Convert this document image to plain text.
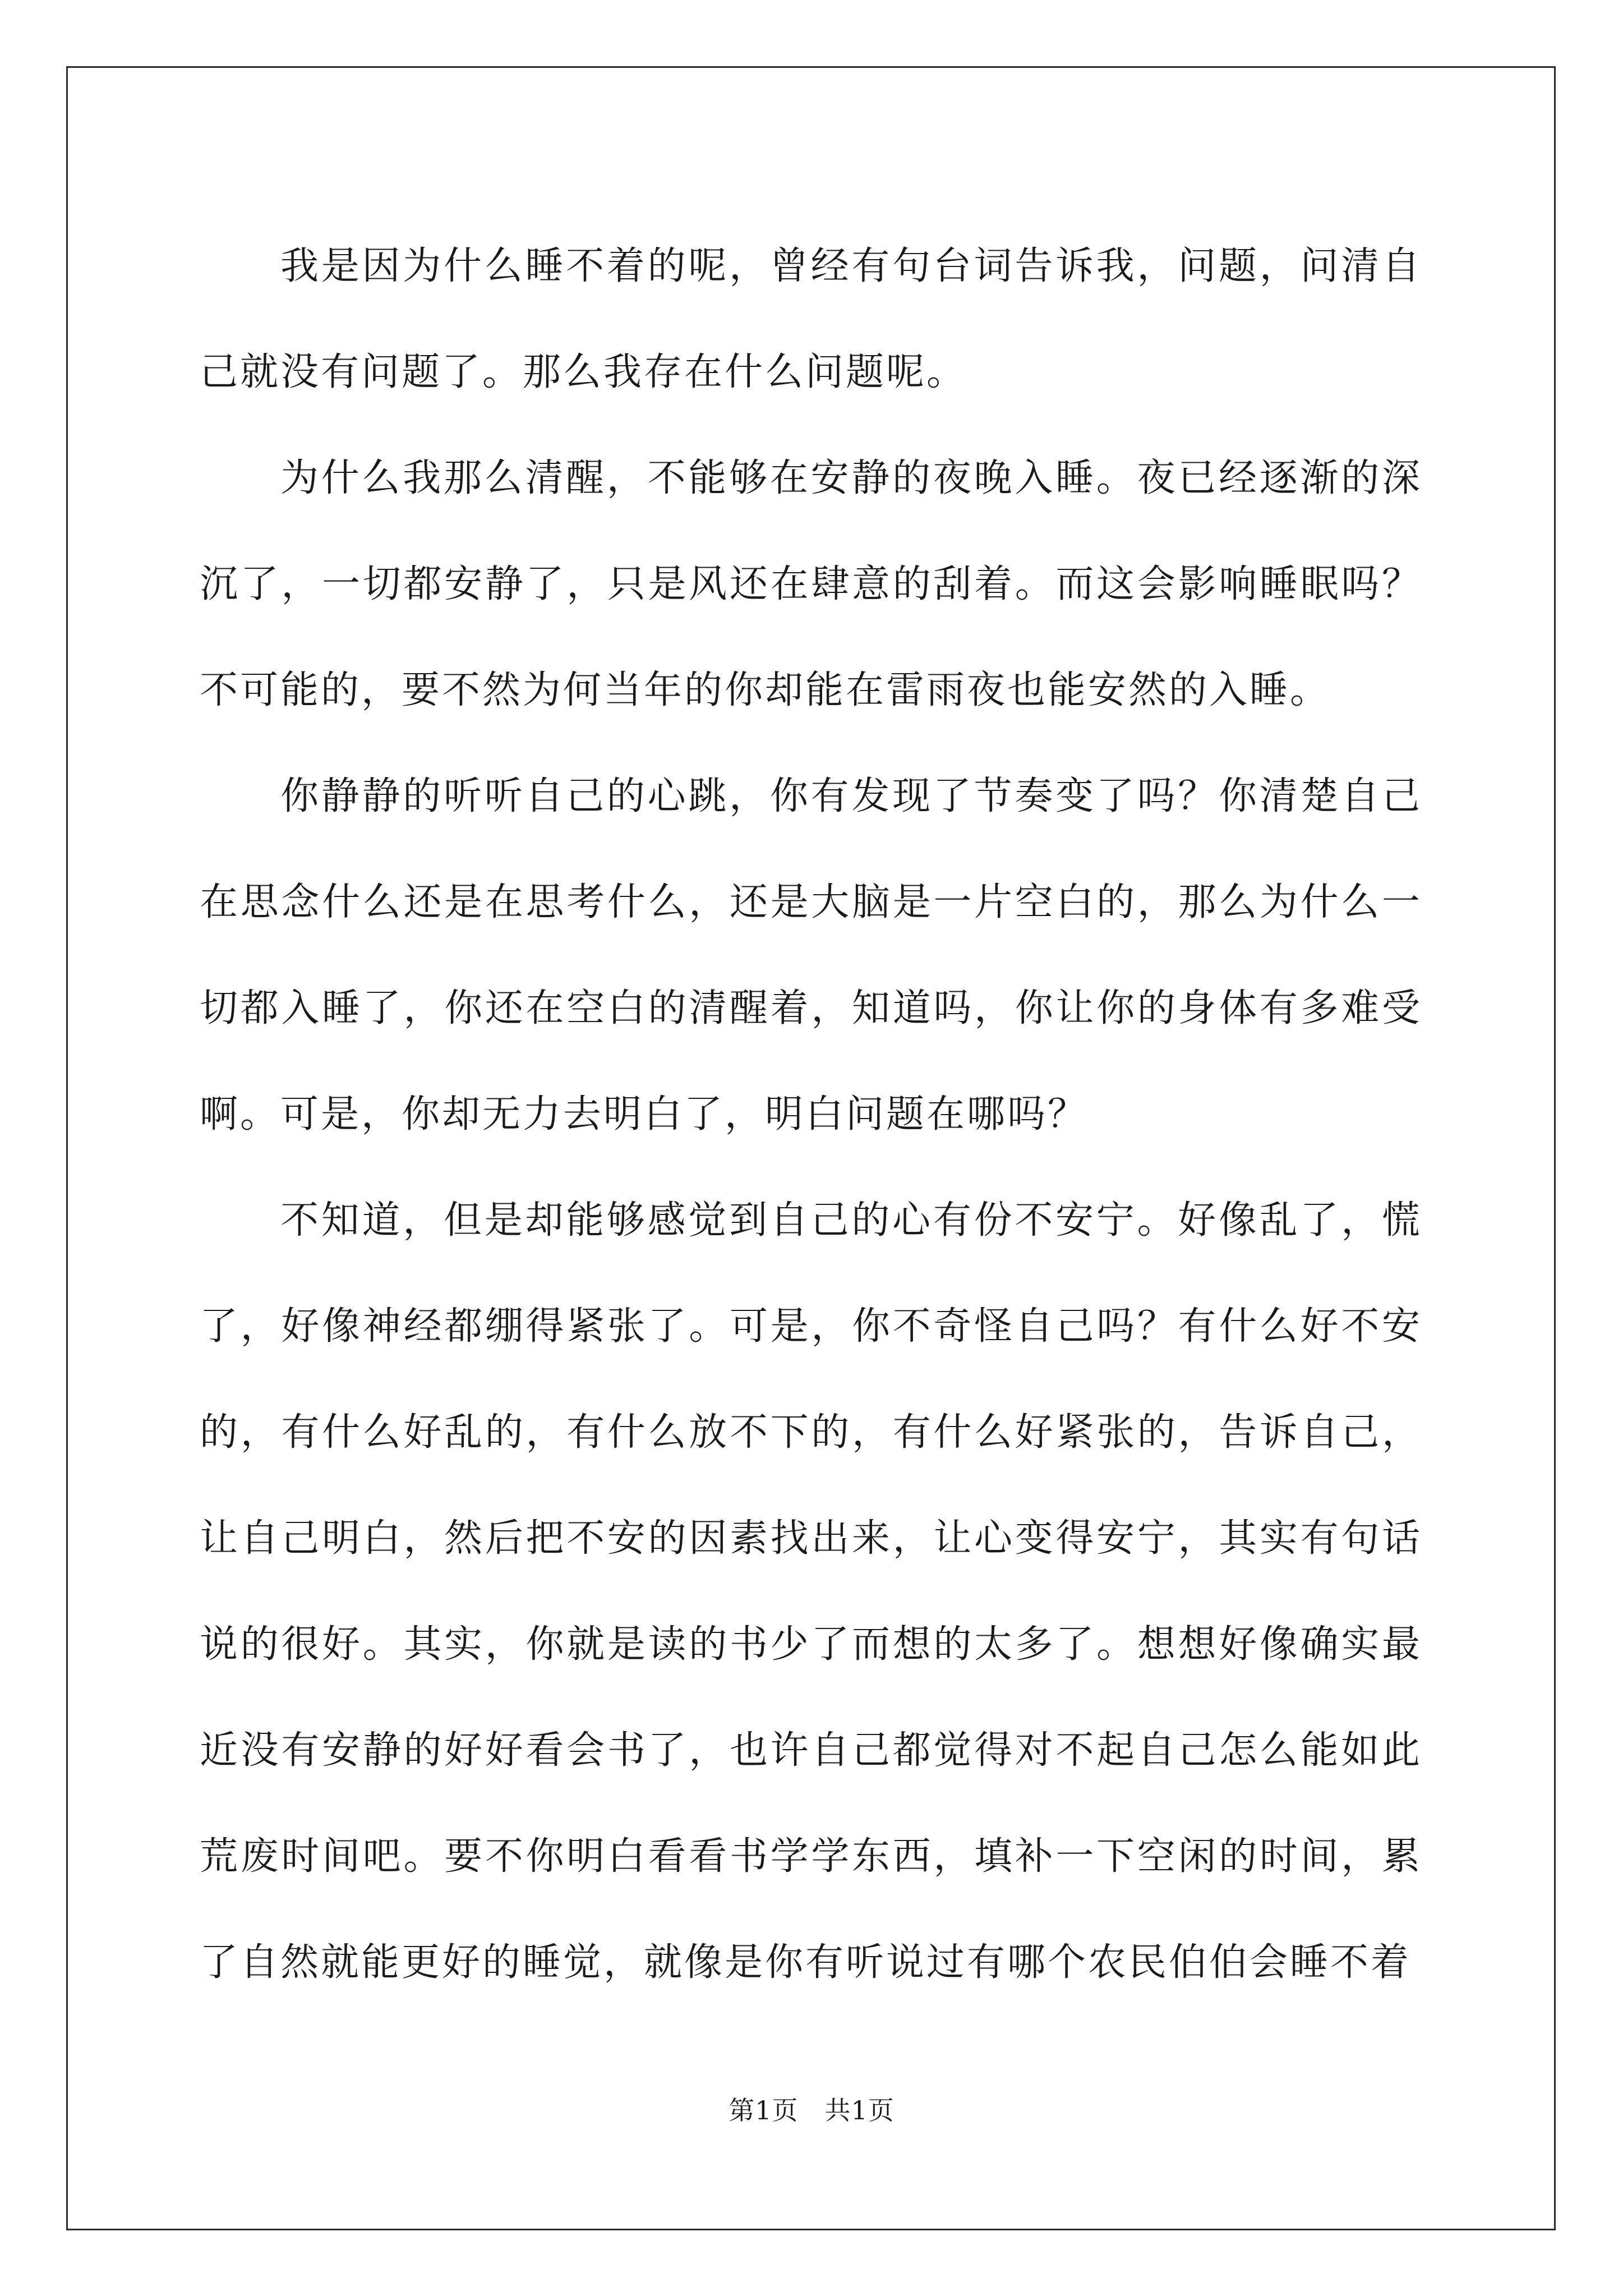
我是因为什么睡不着的呢，曾经有句台词告诉我，问题，问清自己就没有问题了。那么我存在什么问题呢。

为什么我那么清醒，不能够在安静的夜晚入睡。夜已经逐渐的深沉了，一切都安静了，只是风还在肆意的刮着。而这会影响睡眠吗？不可能的，要不然为何当年的你却能在雷雨夜也能安然的入睡。

你静静的听听自己的心跳，你有发现了节奏变了吗？你清楚自己在思念什么还是在思考什么，还是大脑是一片空白的，那么为什么一切都入睡了，你还在空白的清醒着，知道吗，你让你的身体有多难受啊。可是，你却无力去明白了，明白问题在哪吗？

不知道，但是却能够感觉到自己的心有份不安宁。好像乱了，慌了，好像神经都绷得紧张了。可是，你不奇怪自己吗？有什么好不安的，有什么好乱的，有什么放不下的，有什么好紧张的，告诉自己，让自己明白，然后把不安的因素找出来，让心变得安宁，其实有句话说的很好。其实，你就是读的书少了而想的太多了。想想好像确实最近没有安静的好好看会书了，也许自己都觉得对不起自己怎么能如此荒废时间吧。要不你明白看看书学学东西，填补一下空闲的时间，累了自然就能更好的睡觉，就像是你有听说过有哪个农民伯伯会睡不着

第1页　共1页
